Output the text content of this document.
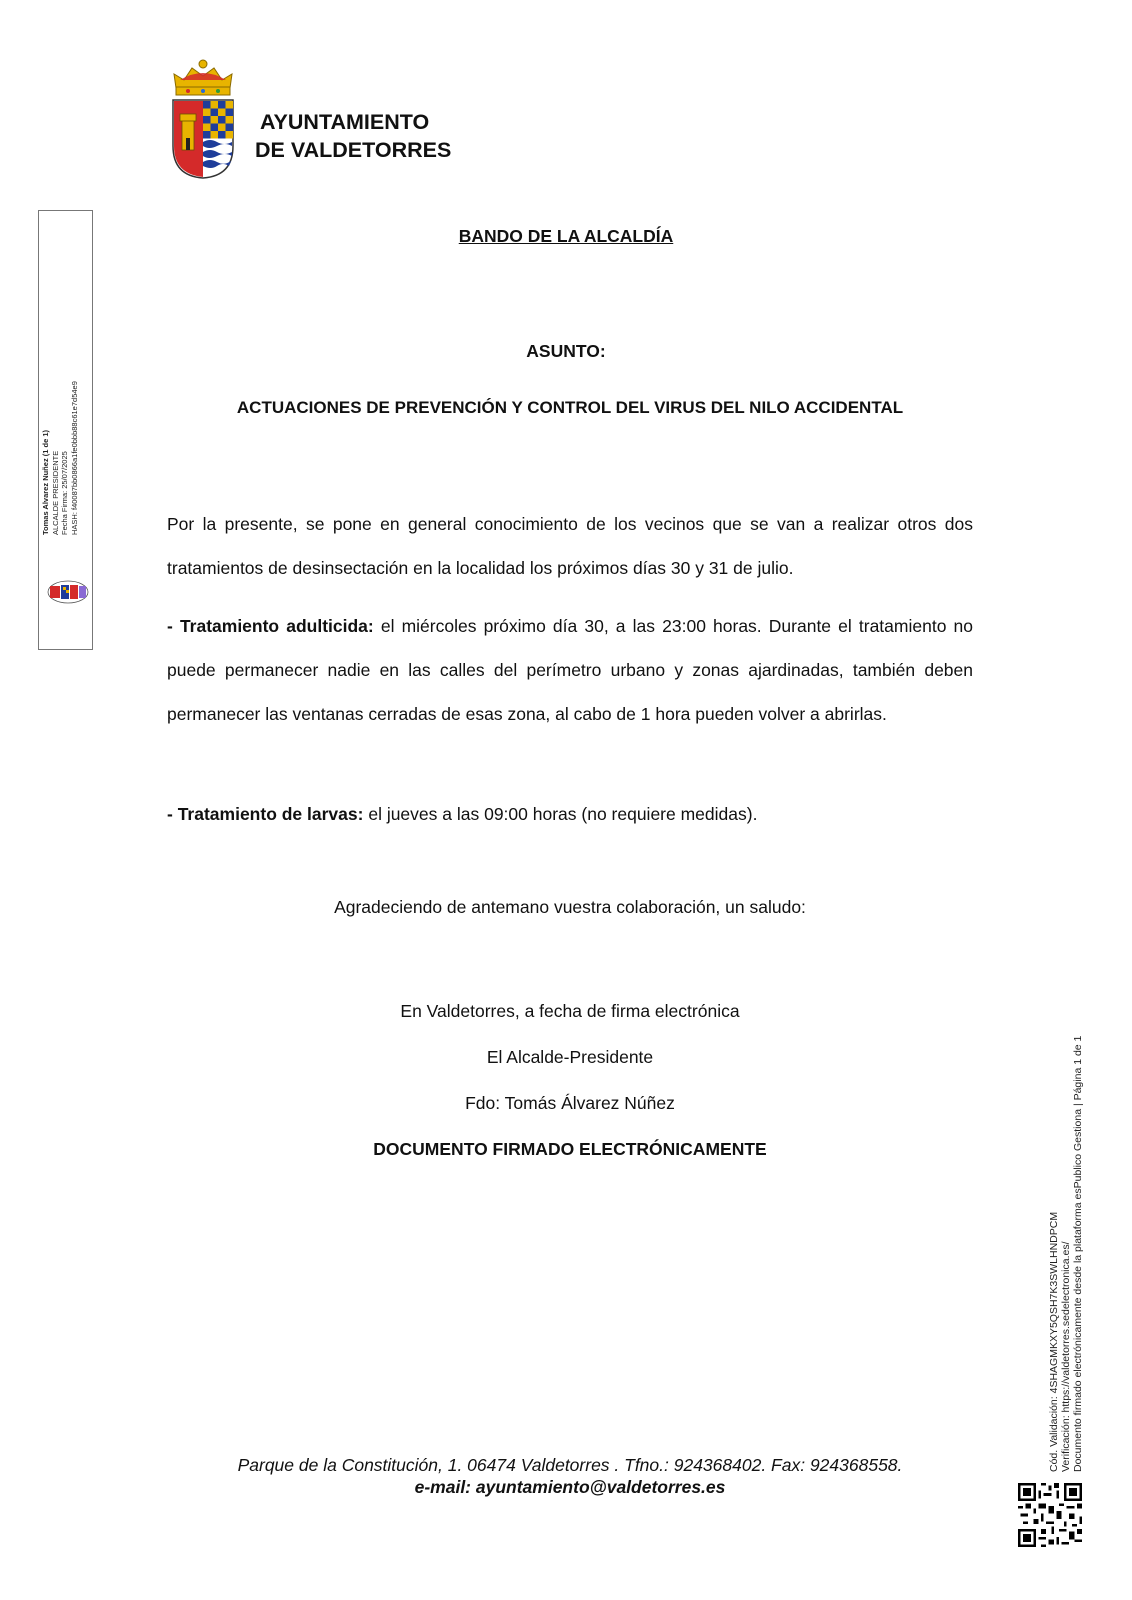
AYUNTAMIENTO
DE VALDETORRES
Tomas Alvarez Nuñez (1 de 1) ALCALDE PRESIDENTE Fecha Firma: 25/07/2025 HASH: f40087bb0866a1fe0bbb88c61e7d54e9
BANDO DE LA ALCALDÍA
ASUNTO:
ACTUACIONES DE PREVENCIÓN Y CONTROL DEL VIRUS DEL NILO ACCIDENTAL
Por la presente, se pone en general conocimiento de los vecinos que se van a realizar otros dos tratamientos de desinsectación en la localidad los próximos días 30 y 31 de julio.
- Tratamiento adulticida: el miércoles próximo día 30, a las 23:00 horas. Durante el tratamiento no puede permanecer nadie en las calles del perímetro urbano y zonas ajardinadas, también deben permanecer las ventanas cerradas de esas zona, al cabo de 1 hora pueden volver a abrirlas.
- Tratamiento de larvas: el jueves a las 09:00 horas (no requiere medidas).
Agradeciendo de antemano vuestra colaboración, un saludo:
En Valdetorres, a fecha de firma electrónica
El Alcalde-Presidente
Fdo: Tomás Álvarez Núñez
DOCUMENTO FIRMADO ELECTRÓNICAMENTE
Parque de la Constitución, 1. 06474 Valdetorres . Tfno.: 924368402. Fax: 924368558.
e-mail: ayuntamiento@valdetorres.es
Cód. Validación: 4SHAGMKXY5QSH7K3SWLHNDPCM Verificación: https://valdetorres.sedelectronica.es/ Documento firmado electrónicamente desde la plataforma esPublico Gestiona | Página 1 de 1
